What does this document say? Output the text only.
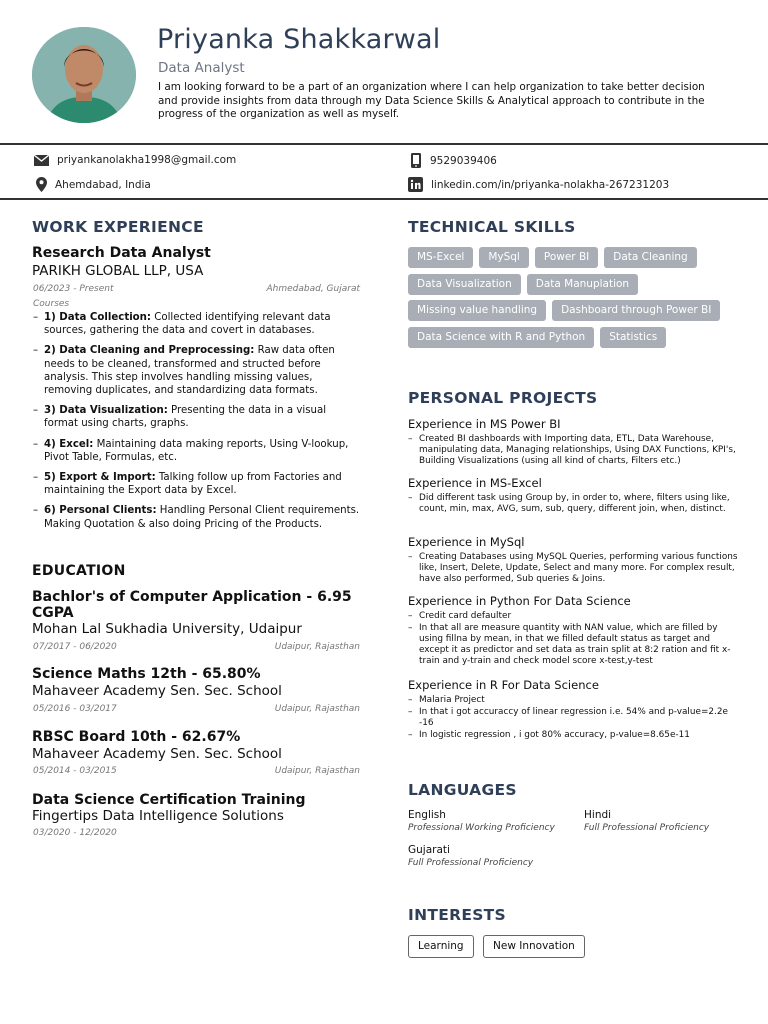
Priyanka Shakkarwal
Data Analyst
I am looking forward to be a part of an organization where I can help organization to take better decision and provide insights from data through my Data Science Skills & Analytical approach to contribute in the progress of the organization as well as myself.
priyankanolakha1998@gmail.com	9529039406
Ahemdabad, India	linkedin.com/in/priyanka-nolakha-267231203
WORK EXPERIENCE
Research Data Analyst
PARIKH GLOBAL LLP, USA
06/2023 - Present	Ahmedabad, Gujarat
Courses
– 1) Data Collection: Collected identifying relevant data sources, gathering the data and covert in databases.
– 2) Data Cleaning and Preprocessing: Raw data often needs to be cleaned, transformed and structed before analysis. This step involves handling missing values, removing duplicates, and standardizing data formats.
– 3) Data Visualization: Presenting the data in a visual format using charts, graphs.
– 4) Excel: Maintaining data making reports, Using V-lookup, Pivot Table, Formulas, etc.
– 5) Export & Import: Talking follow up from Factories and maintaining the Export data by Excel.
– 6) Personal Clients: Handling Personal Client requirements. Making Quotation & also doing Pricing of the Products.
EDUCATION
Bachlor's of Computer Application - 6.95 CGPA
Mohan Lal Sukhadia University, Udaipur
07/2017 - 06/2020	Udaipur, Rajasthan
Science Maths 12th - 65.80%
Mahaveer Academy Sen. Sec. School
05/2016 - 03/2017	Udaipur, Rajasthan
RBSC Board 10th - 62.67%
Mahaveer Academy Sen. Sec. School
05/2014 - 03/2015	Udaipur, Rajasthan
Data Science Certification Training
Fingertips Data Intelligence Solutions
03/2020 - 12/2020
TECHNICAL SKILLS
MS-Excel	MySql	Power BI	Data Cleaning
Data Visualization	Data Manuplation
Missing value handling	Dashboard through Power BI
Data Science with R and Python	Statistics
PERSONAL PROJECTS
Experience in MS Power BI
– Created BI dashboards with Importing data, ETL, Data Warehouse, manipulating data, Managing relationships, Using DAX Functions, KPI's, Building Visualizations (using all kind of charts, Filters etc.)
Experience in MS-Excel
– Did different task using Group by, in order to, where, filters using like, count, min, max, AVG, sum, sub, query, different join, when, distinct.
Experience in MySql
– Creating Databases using MySQL Queries, performing various functions like, Insert, Delete, Update, Select and many more. For complex result, have also performed, Sub queries & Joins.
Experience in Python For Data Science
– Credit card defaulter
– In that all are measure quantity with NAN value, which are filled by using fillna by mean, in that we filled default status as target and except it as predictor and set data as train split at 8:2 ration and fit x-train and y-train and check model score x-test,y-test
Experience in R For Data Science
– Malaria Project
– In that i got accuraccy of linear regression i.e. 54% and p-value=2.2e -16
– In logistic regression , i got 80% accuracy, p-value=8.65e-11
LANGUAGES
English
Professional Working Proficiency
Hindi
Full Professional Proficiency
Gujarati
Full Professional Proficiency
INTERESTS
Learning	New Innovation
